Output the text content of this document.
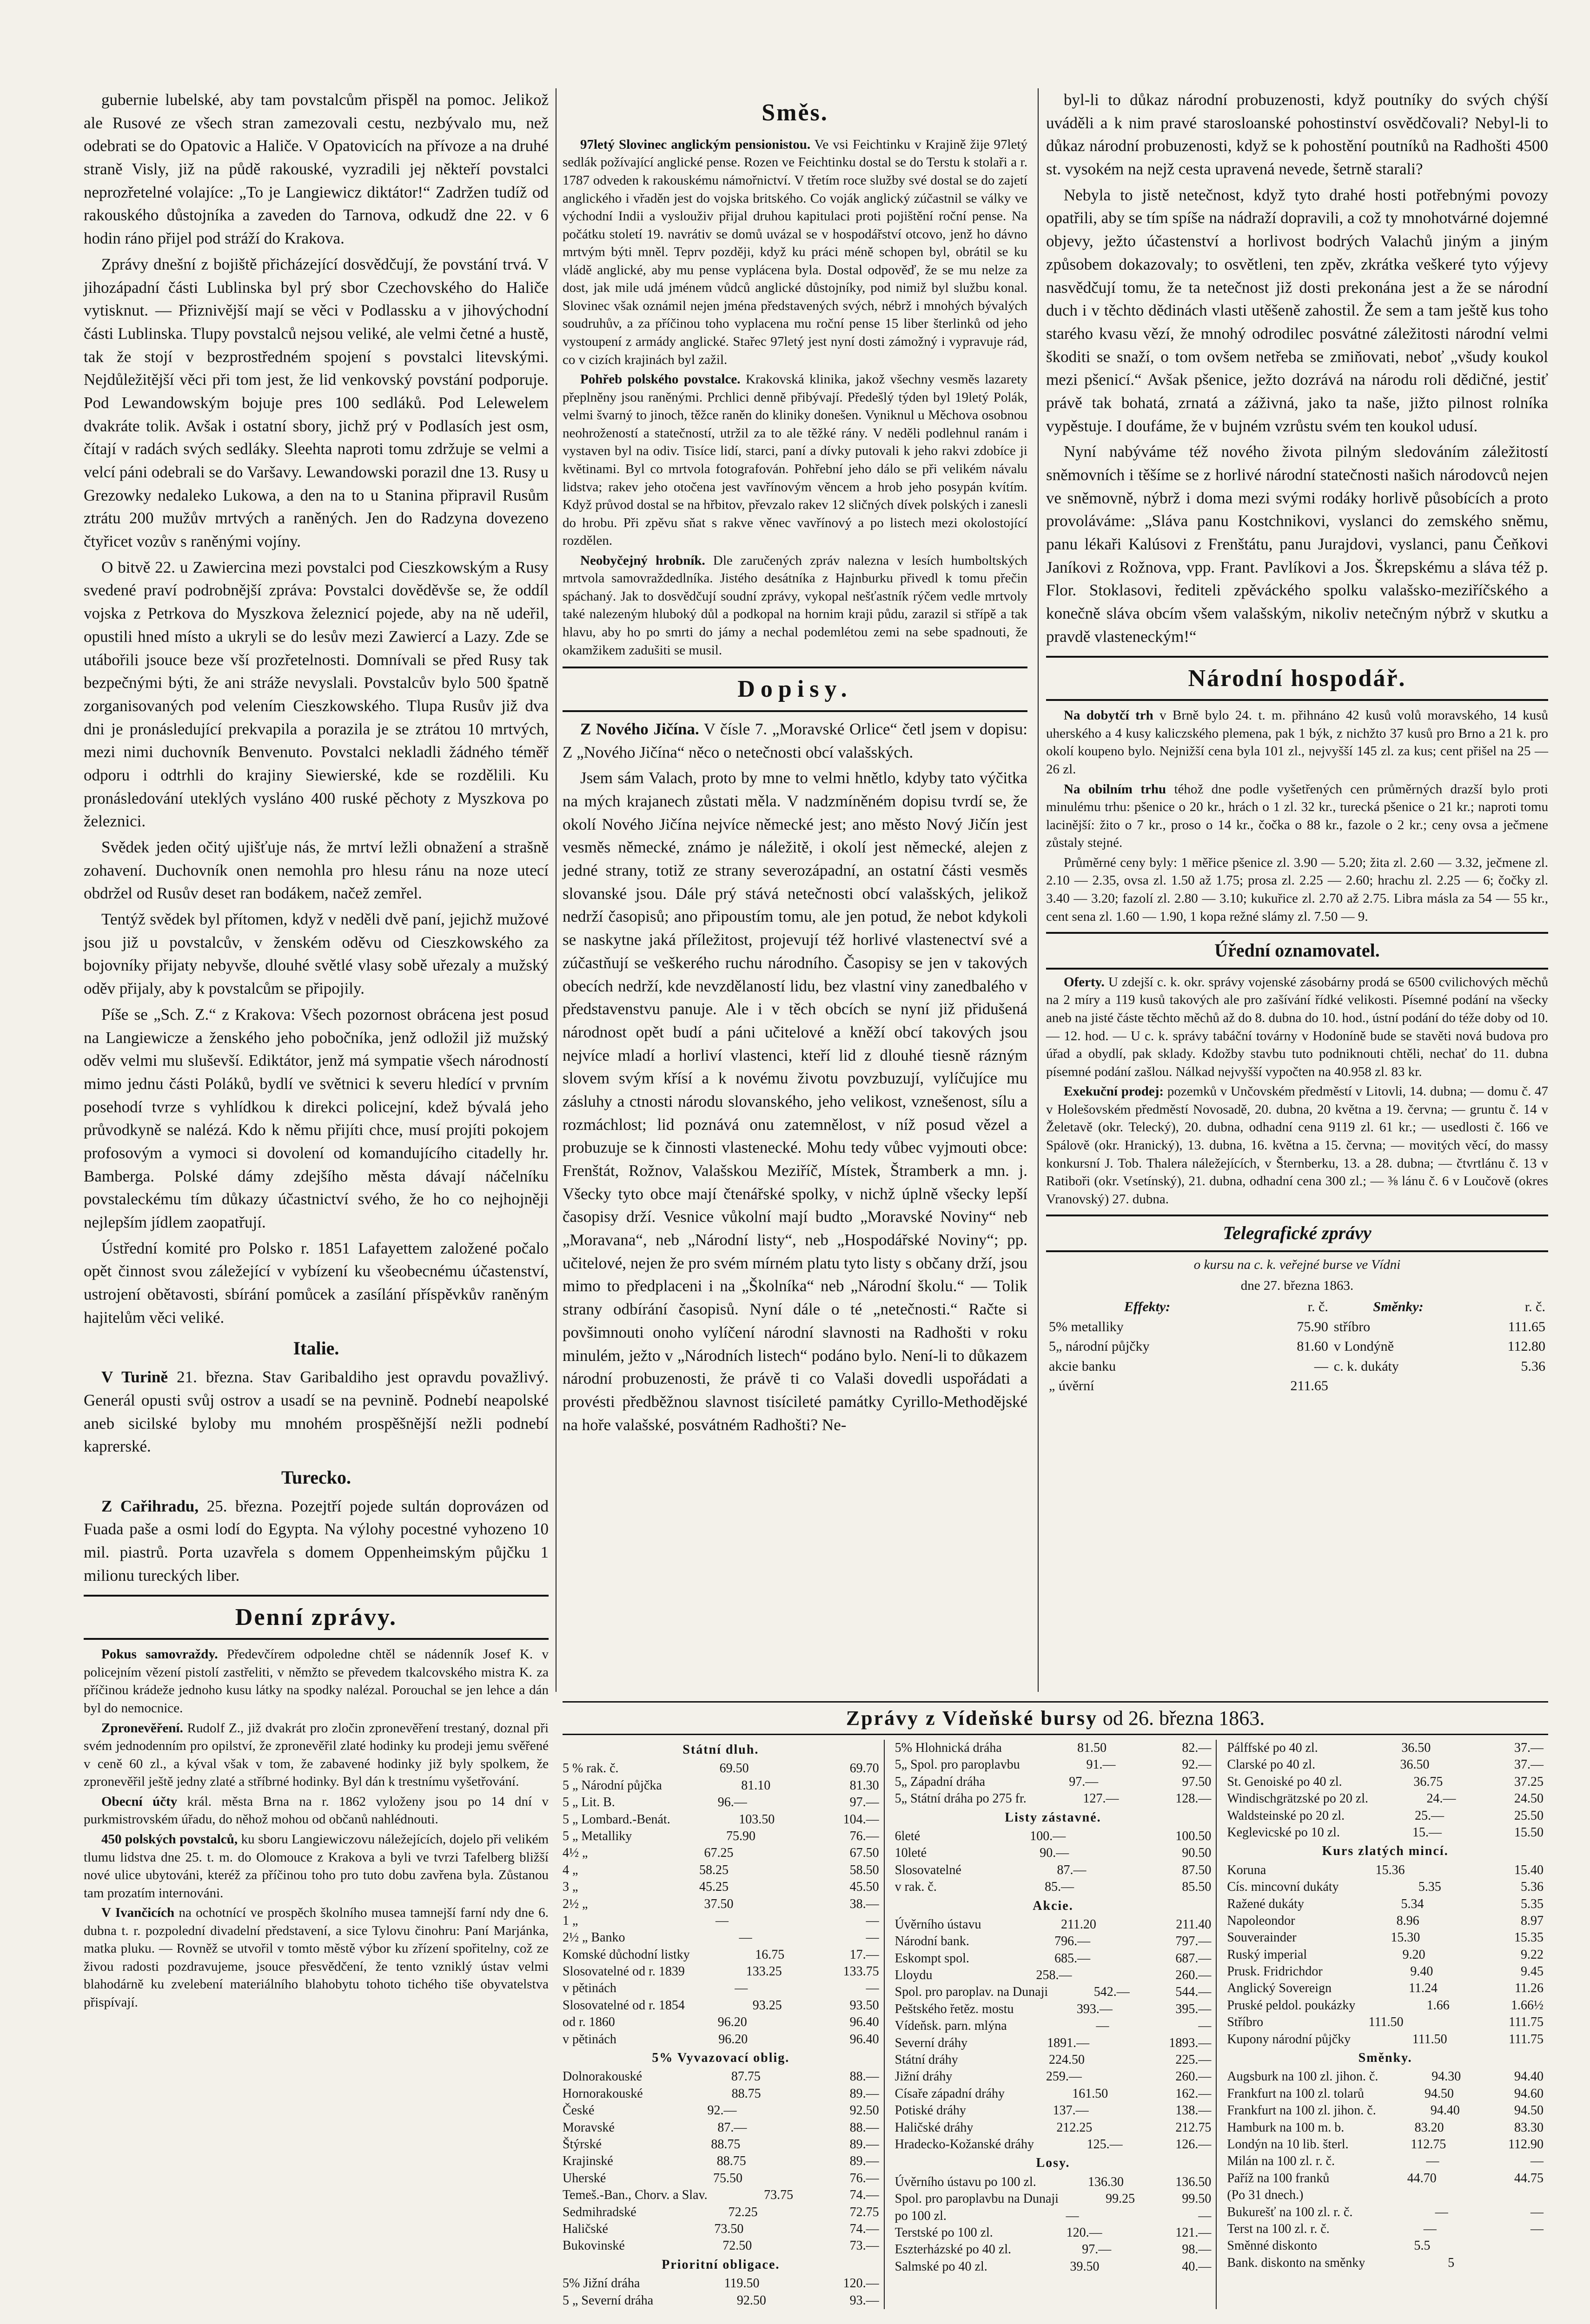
gubernie lubelské, aby tam povstalcům přispěl na pomoc. Jelikož ale Rusové ze všech stran zamezovali cestu, nezbývalo mu, než odebrati se do Opatovic a Haliče. V Opatovicích na přívoze a na druhé straně Visly, již na půdě rakouské, vyzradili jej někteří povstalci neprozřetelné volajíce: „To je Langiewicz diktátor!“ Zadržen tudíž od rakouského důstojníka a zaveden do Tarnova, odkudž dne 22. v 6 hodin ráno přijel pod stráží do Krakova.

Zprávy dnešní z bojiště přicházející dosvědčují, že povstání trvá. V jihozápadní části Lublinska byl prý sbor Czechovského do Haliče vytisknut. — Přiznivější mají se věci v Podlassku a v jihovýchodní části Lublinska. Tlupy povstalců nejsou veliké, ale velmi četné a hustě, tak že stojí v bezprostředném spojení s povstalci litevskými. Nejdůležitější věci při tom jest, že lid venkovský povstání podporuje. Pod Lewandowským bojuje pres 100 sedláků. Pod Lelewelem dvakráte tolik. Avšak i ostatní sbory, jichž prý v Podlasích jest osm, čítají v radách svých sedláky. Sleehta naproti tomu zdržuje se velmi a velcí páni odebrali se do Varšavy. Lewandowski porazil dne 13. Rusy u Grezowky nedaleko Lukowa, a den na to u Stanina připravil Rusům ztrátu 200 mužův mrtvých a raněných. Jen do Radzyna dovezeno čtyřicet vozův s raněnými vojíny.

O bitvě 22. u Zawiercina mezi povstalci pod Cieszkowským a Rusy svedené praví podrobnější zpráva: Povstalci dověděvše se, že oddíl vojska z Petrkova do Myszkova železnicí pojede, aby na ně udeřil, opustili hned místo a ukryli se do lesův mezi Zawiercí a Lazy. Zde se utábořili jsouce beze vší prozřetelnosti. Domnívali se před Rusy tak bezpečnými býti, že ani stráže nevyslali. Povstalcův bylo 500 špatně zorganisovaných pod velením Cieszkowského. Tlupa Rusův již dva dni je pronásledující prekvapila a porazila je se ztrátou 10 mrtvých, mezi nimi duchovník Benvenuto. Povstalci nekladli žádného téměř odporu i odtrhli do krajiny Siewierské, kde se rozdělili. Ku pronásledování uteklých vysláno 400 ruské pěchoty z Myszkova po železnici.

Svědek jeden očitý ujišťuje nás, že mrtví ležli obnažení a strašně zohavení. Duchovník onen nemohla pro hlesu ránu na noze utecí obdržel od Rusův deset ran bodákem, načež zemřel.

Tentýž svědek byl přítomen, když v neděli dvě paní, jejichž mužové jsou již u povstalcův, v ženském oděvu od Cieszkowského za bojovníky přijaty nebyvše, dlouhé světlé vlasy sobě uřezaly a mužský oděv přijaly, aby k povstalcům se připojily.

Píše se „Sch. Z.“ z Krakova: Všech pozornost obrácena jest posud na Langiewicze a ženského jeho pobočníka, jenž odložil již mužský oděv velmi mu sluševší. Ediktátor, jenž má sympatie všech národností mimo jednu části Poláků, bydlí ve světnici k severu hledící v prvním posehodí tvrze s vyhlídkou k direkci policejní, kdež bývalá jeho průvodkyně se nalézá. Kdo k němu přijíti chce, musí projíti pokojem profosovým a vymoci si dovolení od komandujícího citadelly hr. Bamberga. Polské dámy zdejšího města dávají náčelníku povstaleckému tím důkazy účastnictví svého, že ho co nejhojněji nejlepším jídlem zaopatřují.

Ústřední komité pro Polsko r. 1851 Lafayettem založené počalo opět činnost svou záležející v vybízení ku všeobecnému účastenství, ustrojení obětavosti, sbírání pomůcek a zasílání příspěvkův raněným hajitelům věci veliké.

Italie.

V Turině 21. března. Stav Garibaldiho jest opravdu považlivý. Generál opusti svůj ostrov a usadí se na pevnině. Podnebí neapolské aneb sicilské byloby mu mnohém prospěšnější nežli podnebí kaprerské.

Turecko.

Z Cařihradu, 25. března. Pozejtří pojede sultán doprovázen od Fuada paše a osmi lodí do Egypta. Na výlohy pocestné vyhozeno 10 mil. piastrů. Porta uzavřela s domem Oppenheimským půjčku 1 milionu tureckých liber.

Denní zprávy.

Pokus samovraždy. Předevčírem odpoledne chtěl se nádenník Josef K. v policejním vězení pistolí zastřeliti, v němžto se převedem tkalcovského mistra K. za příčinou krádeže jednoho kusu látky na spodky nalézal. Porouchal se jen lehce a dán byl do nemocnice.

Zpronevěření. Rudolf Z., již dvakrát pro zločin zpronevěření trestaný, doznal při svém jednodenním pro opilství, že zpronevěřil zlaté hodinky ku prodeji jemu svěřené v ceně 60 zl., a kýval však v tom, že zabavené hodinky již byly spolkem, že zpronevěřil ještě jedny zlaté a stříbrné hodinky. Byl dán k trestnímu vyšetřování.

Obecní účty král. města Brna na r. 1862 vyloženy jsou po 14 dní v purkmistrovském úřadu, do něhož mohou od občanů nahlédnouti.

450 polských povstalců, ku sboru Langiewiczovu náležejících, dojelo při velikém tlumu lidstva dne 25. t. m. do Olomouce z Krakova a byli ve tvrzi Tafelberg bližší nové ulice ubytováni, kteréž za příčinou toho pro tuto dobu zavřena byla. Zůstanou tam prozatím internováni.

V Ivančicích na ochotnící ve prospěch školního musea tamnejší farní ndy dne 6. dubna t. r. pozpolední divadelní představení, a sice Tylovu činohru: Paní Marjánka, matka pluku. — Rovněž se utvořil v tomto městě výbor ku zřízení spořitelny, což ze živou radosti pozdravujeme, jsouce přesvědčení, že tento vzniklý ústav velmi blahodárně ku zvelebení materiálního blahobytu tohoto tichého tiše obyvatelstva přispívají.

Směs.

97letý Slovinec anglickým pensionistou. Ve vsi Feichtinku v Krajině žije 97letý sedlák požívající anglické pense. Rozen ve Feichtinku dostal se do Terstu k stolaři a r. 1787 odveden k rakouskému námořnictví. V třetím roce služby své dostal se do zajetí anglického i vřaděn jest do vojska britského. Co voják anglický zúčastnil se války ve východní Indii a vyslouživ přijal druhou kapitulaci proti pojištění roční pense. Na počátku století 19. navrátiv se domů uvázal se v hospodářství otcovo, jenž ho dávno mrtvým býti mněl. Teprv později, když ku práci méně schopen byl, obrátil se ku vládě anglické, aby mu pense vyplácena byla. Dostal odpověď, že se mu nelze za dost, jak mile udá jménem vůdců anglické důstojníky, pod nimiž byl službu konal. Slovinec však oznámil nejen jména představených svých, nébrž i mnohých bývalých soudruhův, a za příčinou toho vyplacena mu roční pense 15 liber šterlinků od jeho vystoupení z armády anglické. Stařec 97letý jest nyní dosti zámožný i vypravuje rád, co v cizích krajinách byl zažil.

Pohřeb polského povstalce. Krakovská klinika, jakož všechny vesměs lazarety přeplněny jsou raněnými. Prchlici denně přibývají. Předešlý týden byl 19letý Polák, velmi švarný to jinoch, těžce raněn do kliniky donešen. Vyniknul u Měchova osobnou neohrožeností a statečností, utržil za to ale těžké rány. V neděli podlehnul ranám i vystaven byl na odiv. Tisíce lidí, starci, paní a dívky putovali k jeho rakvi zdobíce ji květinami. Byl co mrtvola fotografován. Pohřební jeho dálo se při velikém návalu lidstva; rakev jeho otočena jest vavřínovým věncem a hrob jeho posypán kvítím. Když průvod dostal se na hřbitov, převzalo rakev 12 sličných dívek polských i zanesli do hrobu. Při zpěvu sňat s rakve věnec vavřínový a po listech mezi okolostojící rozdělen.

Neobyčejný hrobník. Dle zaručených zpráv nalezna v lesích humboltských mrtvola samovraždedlníka. Jistého desátníka z Hajnburku přivedl k tomu přečin spáchaný. Jak to dosvědčují soudní zprávy, vykopal nešťastník rýčem vedle mrtvoly také nalezeným hluboký důl a podkopal na hornim kraji půdu, zarazil si střípě a tak hlavu, aby ho po smrti do jámy a nechal podemlétou zemi na sebe spadnouti, že okamžikem zadušiti se musil.

Dopisy.

Z Nového Jičína. V čísle 7. „Moravské Orlice“ četl jsem v dopisu: Z „Nového Jičína“ něco o netečnosti obcí valašských.

Jsem sám Valach, proto by mne to velmi hnětlo, kdyby tato výčitka na mých krajanech zůstati měla. V nadzmíněném dopisu tvrdí se, že okolí Nového Jičína nejvíce německé jest; ano město Nový Jičín jest vesměs německé, známo je náležitě, i okolí jest německé, alejen z jedné strany, totiž ze strany severozápadní, an ostatní části vesměs slovanské jsou. Dále prý stává netečnosti obcí valašských, jelikož nedrží časopisů; ano připoustím tomu, ale jen potud, že nebot kdykoli se naskytne jaká příležitost, projevují též horlivé vlastenectví své a zúčastňují se veškerého ruchu národního. Časopisy se jen v takových obecích nedrží, kde nevzdělaností lidu, bez vlastní viny zanedbalého v představenstvu panuje. Ale i v těch obcích se nyní již přidušená národnost opět budí a páni učitelové a kněží obcí takových jsou nejvíce mladí a horliví vlastenci, kteří lid z dlouhé tiesně rázným slovem svým křísí a k novému životu povzbuzují, vylíčujíce mu zásluhy a ctnosti národu slovanského, jeho velikost, vznešenost, sílu a rozmáchlost; lid poznává onu zatemnělost, v níž posud vězel a probuzuje se k činnosti vlastenecké. Mohu tedy vůbec vyjmouti obce: Frenštát, Rožnov, Valašskou Meziříč, Místek, Štramberk a mn. j. Všecky tyto obce mají čtenářské spolky, v nichž úplně všecky lepší časopisy drží. Vesnice vůkolní mají budto „Moravské Noviny“ neb „Moravana“, neb „Národní listy“, neb „Hospodářské Noviny“; pp. učitelové, nejen že pro svém mírném platu tyto listy s občany drží, jsou mimo to předplaceni i na „Školníka“ neb „Národní školu.“ — Tolik strany odbírání časopisů. Nyní dále o té „netečnosti.“ Račte si povšimnouti onoho vylíčení národní slavnosti na Radhošti v roku minulém, ježto v „Národních listech“ podáno bylo. Není-li to důkazem národní probuzenosti, že právě ti co Valaši dovedli uspořádati a provésti předběžnou slavnost tisícileté památky Cyrillo-Methodějské na hoře valašské, posvátném Radhošti? Ne-

byl-li to důkaz národní probuzenosti, když poutníky do svých chýší uváděli a k nim pravé starosloanské pohostinství osvědčovali? Nebyl-li to důkaz národní probuzenosti, když se k pohostění poutníků na Radhošti 4500 st. vysokém na nejž cesta upravená nevede, šetrně starali?

Nebyla to jistě netečnost, když tyto drahé hosti potřebnými povozy opatřili, aby se tím spíše na nádraží dopravili, a což ty mnohotvárné dojemné objevy, ježto účastenství a horlivost bodrých Valachů jiným a jiným způsobem dokazovaly; to osvětleni, ten zpěv, zkrátka veškeré tyto výjevy nasvědčují tomu, že ta netečnost již dosti prekonána jest a že se národní duch i v těchto dědinách vlasti utěšeně zahostil. Že sem a tam ještě kus toho starého kvasu vězí, že mnohý odrodilec posvátné záležitosti národní velmi škoditi se snaží, o tom ovšem netřeba se zmiňovati, neboť „všudy koukol mezi pšenicí.“ Avšak pšenice, ježto dozrává na národu roli dědičné, jestiť právě tak bohatá, zrnatá a záživná, jako ta naše, jižto pilnost rolníka vypěstuje. I doufáme, že v bujném vzrůstu svém ten koukol udusí.

Nyní nabýváme též nového života pilným sledováním záležitostí sněmovních i těšíme se z horlivé národní statečnosti našich národovců nejen ve sněmovně, nýbrž i doma mezi svými rodáky horlivě působících a proto provoláváme: „Sláva panu Kostchnikovi, vyslanci do zemského sněmu, panu lékaři Kalúsovi z Frenštátu, panu Jurajdovi, vyslanci, panu Čeňkovi Janíkovi z Rožnova, vpp. Frant. Pavlíkovi a Jos. Škrepskému a sláva též p. Flor. Stoklasovi, řediteli zpěváckého spolku valašsko-meziříčského a konečně sláva obcím všem valašským, nikoliv netečným nýbrž v skutku a pravdě vlasteneckým!“

Národní hospodář.

Na dobytčí trh v Brně bylo 24. t. m. přihnáno 42 kusů volů moravského, 14 kusů uherského a 4 kusy kaliczského plemena, pak 1 býk, z nichžto 37 kusů pro Brno a 21 k. pro okolí koupeno bylo. Nejnižší cena byla 101 zl., nejvyšší 145 zl. za kus; cent přišel na 25 — 26 zl.

Na obilním trhu téhož dne podle vyšetřených cen průměrných drazší bylo proti minulému trhu: pšenice o 20 kr., hrách o 1 zl. 32 kr., turecká pšenice o 21 kr.; naproti tomu lacinější: žito o 7 kr., proso o 14 kr., čočka o 88 kr., fazole o 2 kr.; ceny ovsa a ječmene zůstaly stejné.

Průměrné ceny byly: 1 měřice pšenice zl. 3.90 — 5.20; žita zl. 2.60 — 3.32, ječmene zl. 2.10 — 2.35, ovsa zl. 1.50 až 1.75; prosa zl. 2.25 — 2.60; hrachu zl. 2.25 — 6; čočky zl. 3.40 — 3.20; fazolí zl. 2.80 — 3.10; kukuřice zl. 2.70 až 2.75. Libra másla za 54 — 55 kr., cent sena zl. 1.60 — 1.90, 1 kopa režné slámy zl. 7.50 — 9.

Úřední oznamovatel.

Oferty. U zdejší c. k. okr. správy vojenské zásobárny prodá se 6500 cvilichových měchů na 2 míry a 119 kusů takových ale pro zašívání řídké velikosti. Písemné podání na všecky aneb na jisté částe těchto měchů až do 8. dubna do 10. hod., ústní podání do téže doby od 10. — 12. hod. — U c. k. správy tabáční továrny v Hodoníně bude se stavěti nová budova pro úřad a obydlí, pak sklady. Kdožby stavbu tuto podniknouti chtěli, nechať do 11. dubna písemné podání zašlou. Nálkad nejvyšší vypočten na 40.958 zl. 83 kr.

Exekuční prodej: pozemků v Unčovském předměstí v Litovli, 14. dubna; — domu č. 47 v Holešovském předměstí Novosadě, 20. dubna, 20 května a 19. června; — gruntu č. 14 v Želetavě (okr. Telecký), 20. dubna, odhadní cena 9119 zl. 61 kr.; — usedlosti č. 166 ve Spálově (okr. Hranický), 13. dubna, 16. května a 15. června; — movitých věcí, do massy konkursní J. Tob. Thalera náležejících, v Šternberku, 13. a 28. dubna; — čtvrtlánu č. 13 v Ratiboři (okr. Vsetínský), 21. dubna, odhadní cena 300 zl.; — ⅜ lánu č. 6 v Loučově (okres Vranovský) 27. dubna.

Telegrafické zprávy

o kursu na c. k. veřejné burse ve Vídni

dne 27. března 1863.

Effekty:	r. č.	Směnky:	r. č.
5% metalliky	75.90	stříbro	111.65
5„ národní půjčky	81.60	v Londýně	112.80
akcie banku	—	c. k. dukáty	5.36
„ úvěrní	211.65		
Zprávy z Vídeňské bursy od 26. března 1863.
Státní dluh.
5 % rak. č.	69.50	69.70
5 „ Národní půjčka	81.10	81.30
5 „ Lit. B.	96.—	97.—
5 „ Lombard.-Benát.	103.50	104.—
5 „ Metalliky	75.90	76.—
4½ „	67.25	67.50
4 „	58.25	58.50
3 „	45.25	45.50
2½ „	37.50	38.—
1 „	—	—
2½ „ Banko	—	—
Komské důchodní listky	16.75	17.—
Slosovatelné od r. 1839	133.25	133.75
v pětinách	—	—
Slosovatelné od r. 1854	93.25	93.50
od r. 1860	96.20	96.40
v pětinách	96.20	96.40
5% Vyvazovací oblig.
Dolnorakouské	87.75	88.—
Hornorakouské	88.75	89.—
České	92.—	92.50
Moravské	87.—	88.—
Štýrské	88.75	89.—
Krajinské	88.75	89.—
Uherské	75.50	76.—
Temeš.-Ban., Chorv. a Slav.	73.75	74.—
Sedmihradské	72.25	72.75
Haličské	73.50	74.—
Bukovinské	72.50	73.—
Prioritní obligace.
5% Jižní dráha	119.50	120.—
5 „ Severní dráha	92.50	93.—
5% Hlohnická dráha	81.50	82.—
5„ Spol. pro paroplavbu	91.—	92.—
5„ Západní dráha	97.—	97.50
5„ Státní dráha po 275 fr.	127.—	128.—
Listy zástavné.
6leté	100.—	100.50
10leté	90.—	90.50
Slosovatelné	87.—	87.50
v rak. č.	85.—	85.50
Akcie.
Úvěrního ústavu	211.20	211.40
Národní bank.	796.—	797.—
Eskompt spol.	685.—	687.—
Lloydu	258.—	260.—
Spol. pro paroplav. na Dunaji	542.—	544.—
Peštského řetěz. mostu	393.—	395.—
Vídeňsk. parn. mlýna	—	—
Severní dráhy	1891.—	1893.—
Státní dráhy	224.50	225.—
Jižní dráhy	259.—	260.—
Císaře západní dráhy	161.50	162.—
Potiské dráhy	137.—	138.—
Haličské dráhy	212.25	212.75
Hradecko-Kožanské dráhy	125.—	126.—
Losy.
Úvěrního ústavu po 100 zl.	136.30	136.50
Spol. pro paroplavbu na Dunaji	99.25	99.50
po 100 zl.	—	—
Terstské po 100 zl.	120.—	121.—
Eszterházské po 40 zl.	97.—	98.—
Salmské po 40 zl.	39.50	40.—
Pálffské po 40 zl.	36.50	37.—
Clarské po 40 zl.	36.50	37.—
St. Genoiské po 40 zl.	36.75	37.25
Windischgrätzské po 20 zl.	24.—	24.50
Waldsteinské po 20 zl.	25.—	25.50
Keglevicské po 10 zl.	15.—	15.50
Kurs zlatých mincí.
Koruna	15.36	15.40
Cís. mincovní dukáty	5.35	5.36
Ražené dukáty	5.34	5.35
Napoleondor	8.96	8.97
Souverainder	15.30	15.35
Ruský imperial	9.20	9.22
Prusk. Fridrichdor	9.40	9.45
Anglický Sovereign	11.24	11.26
Pruské peldol. poukázky	1.66	1.66½
Stříbro	111.50	111.75
Kupony národní půjčky	111.50	111.75
Směnky.
Augsburk na 100 zl. jihon. č.	94.30	94.40
Frankfurt na 100 zl. tolarů	94.50	94.60
Frankfurt na 100 zl. jihon. č.	94.40	94.50
Hamburk na 100 m. b.	83.20	83.30
Londýn na 10 lib. šterl.	112.75	112.90
Milán na 100 zl. r. č.	—	—
Paříž na 100 franků	44.70	44.75
(Po 31 dnech.)
Bukurešť na 100 zl. r. č.	—	—
Terst na 100 zl. r. č.	—	—
Směnné diskonto	5.5
Bank. diskonto na směnky	5
